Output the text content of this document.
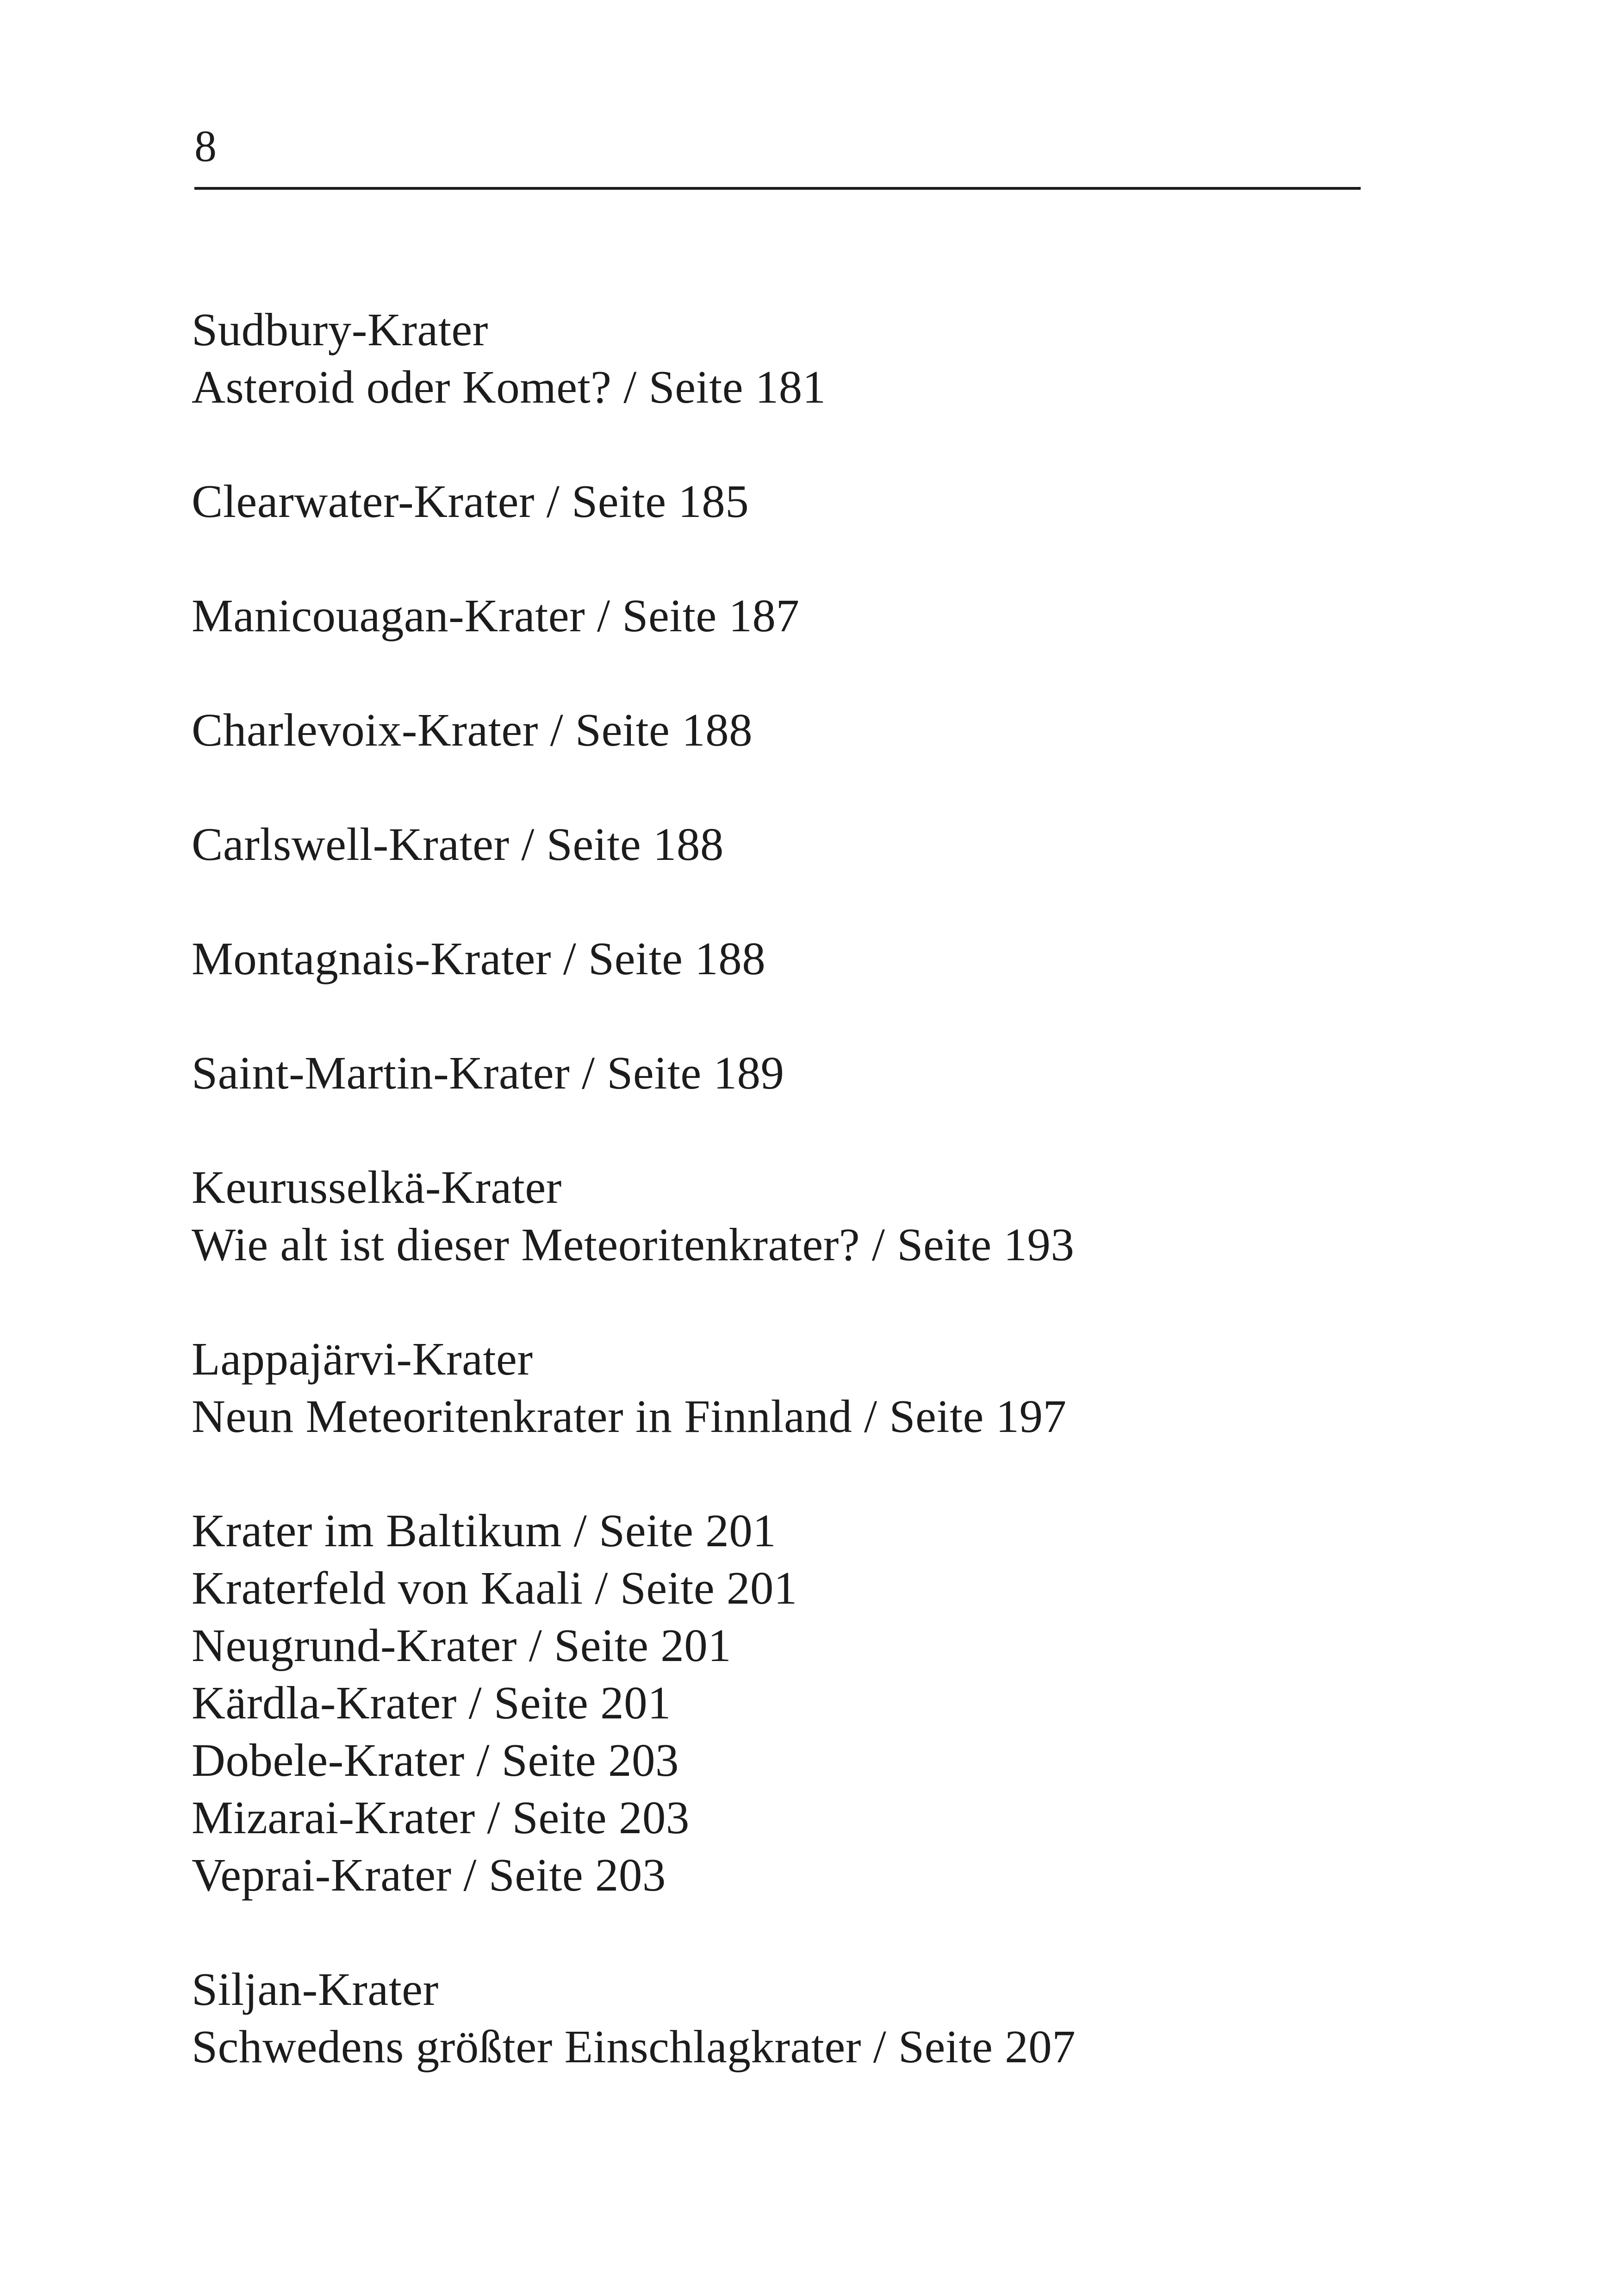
8
Sudbury-Krater
Asteroid oder Komet? / Seite 181
Clearwater-Krater / Seite 185
Manicouagan-Krater / Seite 187
Charlevoix-Krater / Seite 188
Carlswell-Krater / Seite 188
Montagnais-Krater / Seite 188
Saint-Martin-Krater / Seite 189
Keurusselkä-Krater
Wie alt ist dieser Meteoritenkrater? / Seite 193
Lappajärvi-Krater
Neun Meteoritenkrater in Finnland / Seite 197
Krater im Baltikum / Seite 201
Kraterfeld von Kaali / Seite 201
Neugrund-Krater / Seite 201
Kärdla-Krater / Seite 201
Dobele-Krater / Seite 203
Mizarai-Krater / Seite 203
Veprai-Krater / Seite 203
Siljan-Krater
Schwedens größter Einschlagkrater / Seite 207
